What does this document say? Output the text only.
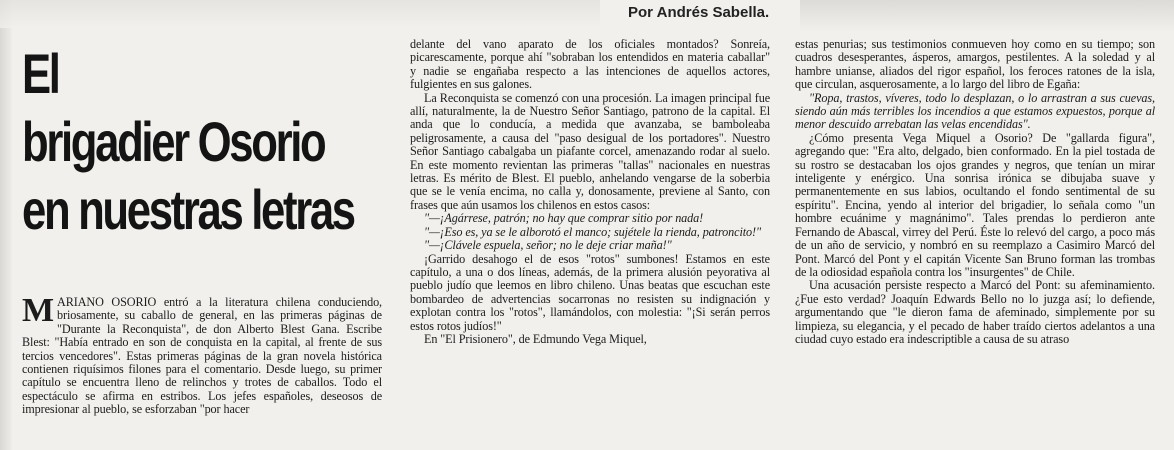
Por Andrés Sabella.
El
brigadier Osorio
en nuestras letras

MARIANO OSORIO entró a la literatura chilena conduciendo, briosamente, su caballo de general, en las primeras páginas de "Durante la Reconquista", de don Alberto Blest Gana. Escribe Blest: "Había entrado en son de conquista en la capital, al frente de sus tercios vencedores". Estas primeras páginas de la gran novela histórica contienen riquísimos filones para el comentario. Desde luego, su primer capítulo se encuentra lleno de relinchos y trotes de caballos. Todo el espectáculo se afirma en estribos. Los jefes españoles, deseosos de impresionar al pueblo, se esforzaban "por hacer

delante del vano aparato de los oficiales montados? Sonreía, picarescamente, porque ahí "sobraban los entendidos en materia caballar" y nadie se engañaba respecto a las intenciones de aquellos actores, fulgientes en sus galones.

La Reconquista se comenzó con una procesión. La imagen principal fue allí, naturalmente, la de Nuestro Señor Santiago, patrono de la capital. El anda que lo conducía, a medida que avanzaba, se bamboleaba peligrosamente, a causa del "paso desigual de los portadores". Nuestro Señor Santiago cabalgaba un piafante corcel, amenazando rodar al suelo. En este momento revientan las primeras "tallas" nacionales en nuestras letras. Es mérito de Blest. El pueblo, anhelando vengarse de la soberbia que se le venía encima, no calla y, donosamente, previene al Santo, con frases que aún usamos los chilenos en estos casos:

"—¡Agárrese, patrón; no hay que comprar sitio por nada!

"—¡Eso es, ya se le alborotó el manco; sujétele la rienda, patroncito!"

"—¡Clávele espuela, señor; no le deje criar maña!"

¡Garrido desahogo el de esos "rotos" sumbones! Estamos en este capítulo, a una o dos líneas, además, de la primera alusión peyorativa al pueblo judío que leemos en libro chileno. Unas beatas que escuchan este bombardeo de advertencias socarronas no resisten su indignación y explotan contra los "rotos", llamándolos, con molestia: "¡Si serán perros estos rotos judíos!"

En "El Prisionero", de Edmundo Vega Miquel,

estas penurias; sus testimonios conmueven hoy como en su tiempo; son cuadros desesperantes, ásperos, amargos, pestilentes. A la soledad y al hambre unianse, aliados del rigor español, los feroces ratones de la isla, que circulan, asquerosamente, a lo largo del libro de Egaña:

"Ropa, trastos, víveres, todo lo desplazan, o lo arrastran a sus cuevas, siendo aún más terribles los incendios a que estamos expuestos, porque al menor descuido arrebatan las velas encendidas".

¿Cómo presenta Vega Miquel a Osorio? De "gallarda figura", agregando que: "Era alto, delgado, bien conformado. En la piel tostada de su rostro se destacaban los ojos grandes y negros, que tenían un mirar inteligente y enérgico. Una sonrisa irónica se dibujaba suave y permanentemente en sus labios, ocultando el fondo sentimental de su espíritu". Encina, yendo al interior del brigadier, lo señala como "un hombre ecuánime y magnánimo". Tales prendas lo perdieron ante Fernando de Abascal, virrey del Perú. Éste lo relevó del cargo, a poco más de un año de servicio, y nombró en su reemplazo a Casimiro Marcó del Pont. Marcó del Pont y el capitán Vicente San Bruno forman las trombas de la odiosidad española contra los "insurgentes" de Chile.

Una acusación persiste respecto a Marcó del Pont: su afeminamiento. ¿Fue esto verdad? Joaquín Edwards Bello no lo juzga así; lo defiende, argumentando que "le dieron fama de afeminado, simplemente por su limpieza, su elegancia, y el pecado de haber traído ciertos adelantos a una ciudad cuyo estado era indescriptible a causa de su atraso
